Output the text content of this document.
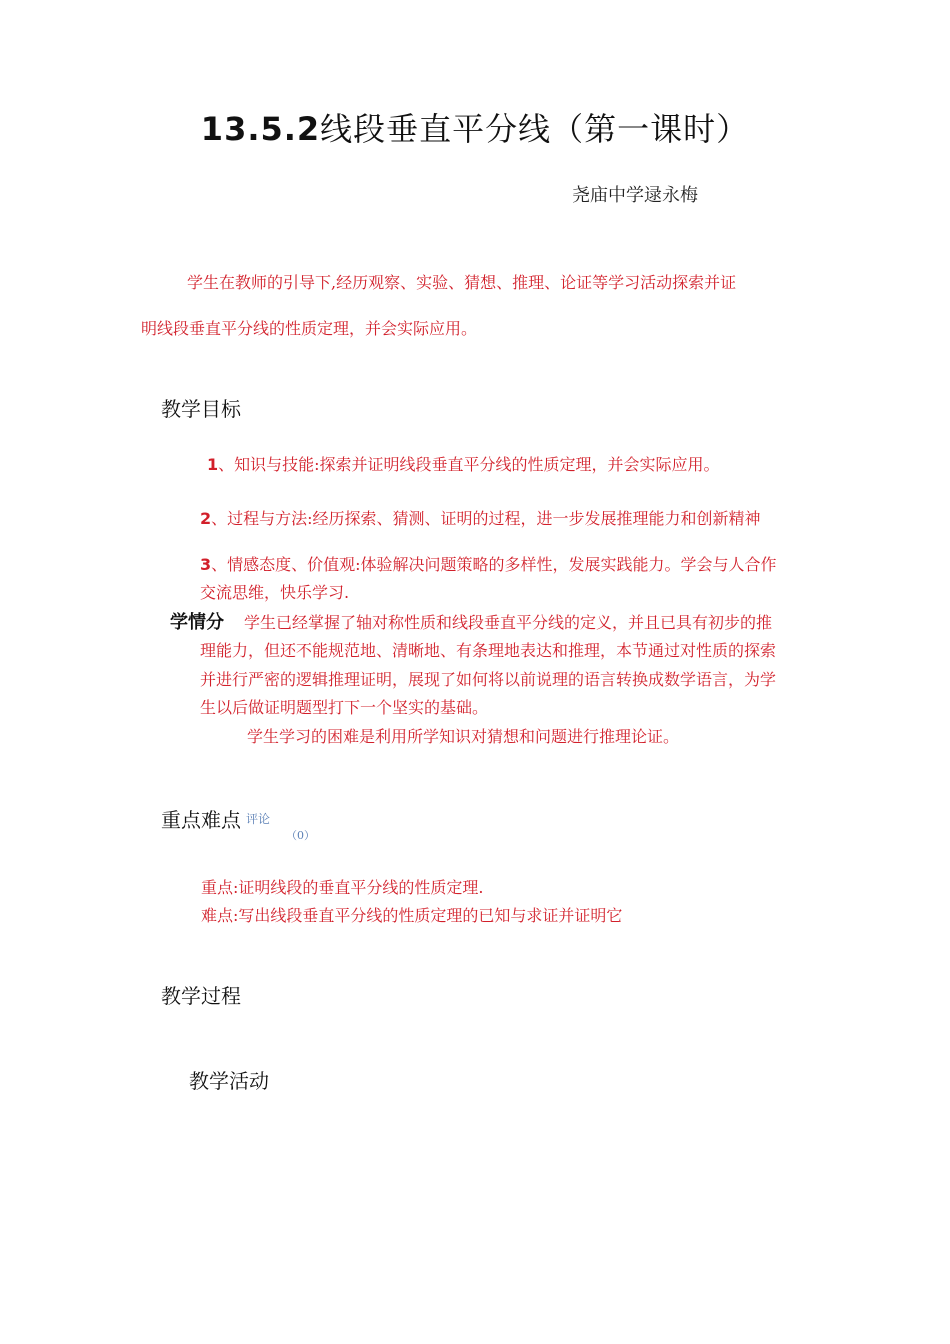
13.5.2线段垂直平分线（第一课时）
尧庙中学逯永梅
学生在教师的引导下,经历观察、实验、猜想、推理、论证等学习活动探索并证
明线段垂直平分线的性质定理，并会实际应用。
教学目标
1、知识与技能:探索并证明线段垂直平分线的性质定理，并会实际应用。
2、过程与方法:经历探索、猜测、证明的过程，进一步发展推理能力和创新精神
3、情感态度、价值观:体验解决问题策略的多样性，发展实践能力。学会与人合作
交流思维，快乐学习.
学情分 学生已经掌握了轴对称性质和线段垂直平分线的定义，并且已具有初步的推
理能力，但还不能规范地、清晰地、有条理地表达和推理，本节通过对性质的探索
并进行严密的逻辑推理证明，展现了如何将以前说理的语言转换成数学语言，为学
生以后做证明题型打下一个坚实的基础。
学生学习的困难是利用所学知识对猜想和问题进行推理论证。
重点难点 评论
（0）
重点:证明线段的垂直平分线的性质定理.
难点:写出线段垂直平分线的性质定理的已知与求证并证明它
教学过程
教学活动
